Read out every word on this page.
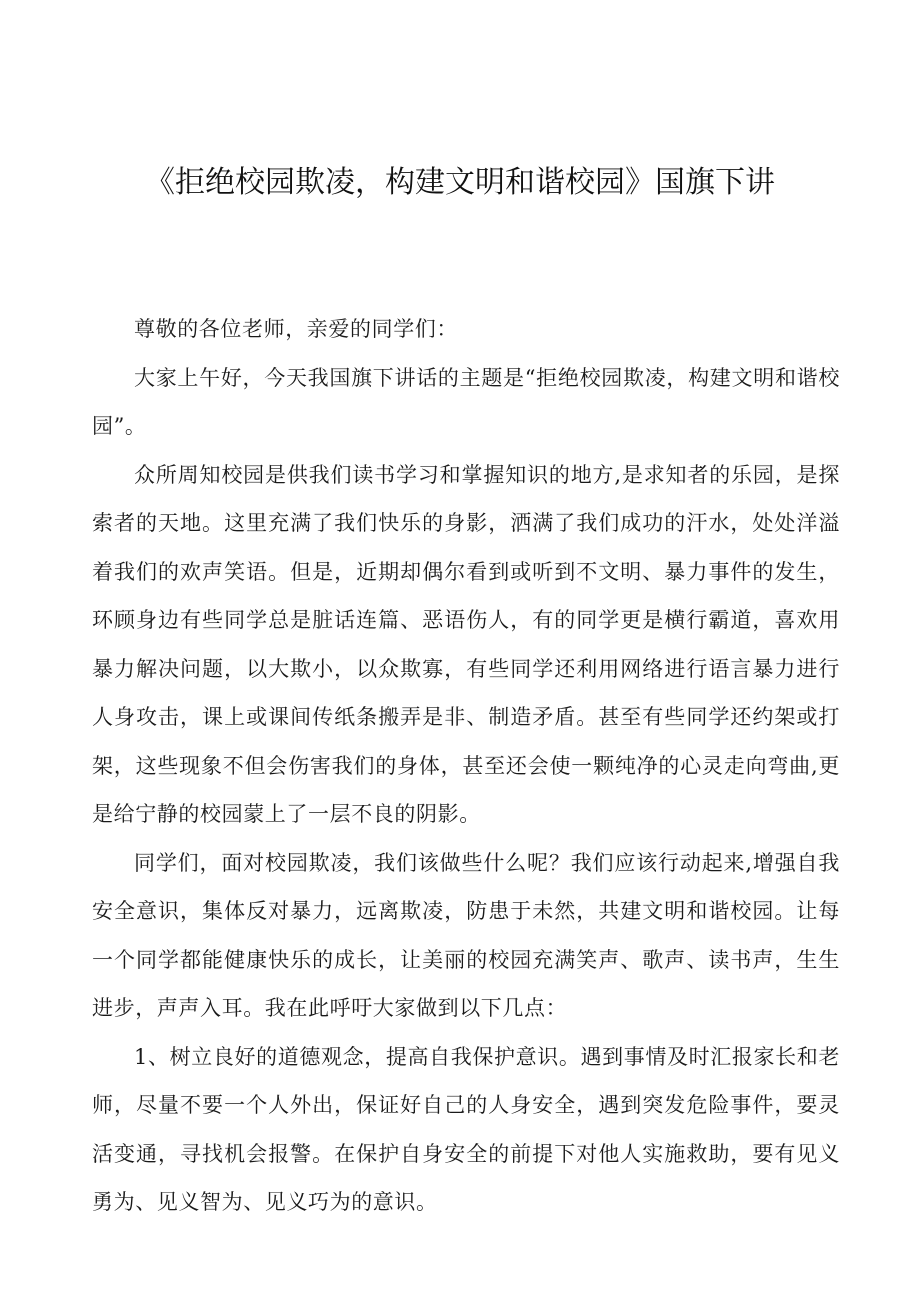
《拒绝校园欺凌，构建文明和谐校园》国旗下讲

尊敬的各位老师，亲爱的同学们：

大家上午好，今天我国旗下讲话的主题是“拒绝校园欺凌，构建文明和谐校园”。

众所周知校园是供我们读书学习和掌握知识的地方,是求知者的乐园，是探索者的天地。这里充满了我们快乐的身影，洒满了我们成功的汗水，处处洋溢着我们的欢声笑语。但是，近期却偶尔看到或听到不文明、暴力事件的发生，环顾身边有些同学总是脏话连篇、恶语伤人，有的同学更是横行霸道，喜欢用暴力解决问题，以大欺小，以众欺寡，有些同学还利用网络进行语言暴力进行人身攻击，课上或课间传纸条搬弄是非、制造矛盾。甚至有些同学还约架或打架，这些现象不但会伤害我们的身体，甚至还会使一颗纯净的心灵走向弯曲,更是给宁静的校园蒙上了一层不良的阴影。

同学们，面对校园欺凌，我们该做些什么呢？我们应该行动起来,增强自我安全意识，集体反对暴力，远离欺凌，防患于未然，共建文明和谐校园。让每一个同学都能健康快乐的成长，让美丽的校园充满笑声、歌声、读书声，生生进步，声声入耳。我在此呼吁大家做到以下几点：

1、树立良好的道德观念，提高自我保护意识。遇到事情及时汇报家长和老师，尽量不要一个人外出，保证好自己的人身安全，遇到突发危险事件，要灵活变通，寻找机会报警。在保护自身安全的前提下对他人实施救助，要有见义勇为、见义智为、见义巧为的意识。
